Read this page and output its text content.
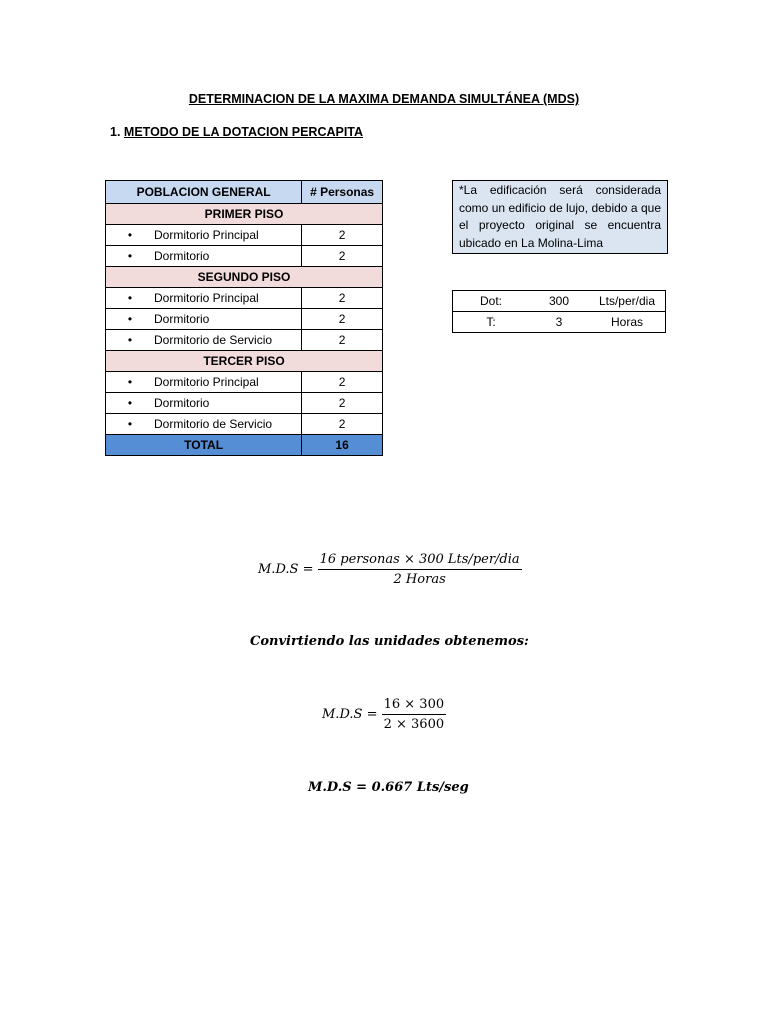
DETERMINACION DE LA MAXIMA DEMANDA SIMULTÁNEA (MDS)
1. METODO DE LA DOTACION PERCAPITA
POBLACION GENERAL	# Personas
PRIMER PISO	
• Dormitorio Principal	2
• Dormitorio	2
SEGUNDO PISO	
• Dormitorio Principal	2
• Dormitorio	2
• Dormitorio de Servicio	2
TERCER PISO	
• Dormitorio Principal	2
• Dormitorio	2
• Dormitorio de Servicio	2
TOTAL	16
*La edificación será considerada como un edificio de lujo, debido a que el proyecto original se encuentra ubicado en La Molina-Lima
Dot:	300	Lts/per/dia
T:	3	Horas
$M.D.S = \frac{\text{16 personas × 300 Lts/per/dia}}{\text{2 Horas}}$
Convirtiendo las unidades obtenemos:
$M.D.S = \frac{16 \times 300}{2 \times 3600}$
M.D.S = 0.667 Lts/seg
